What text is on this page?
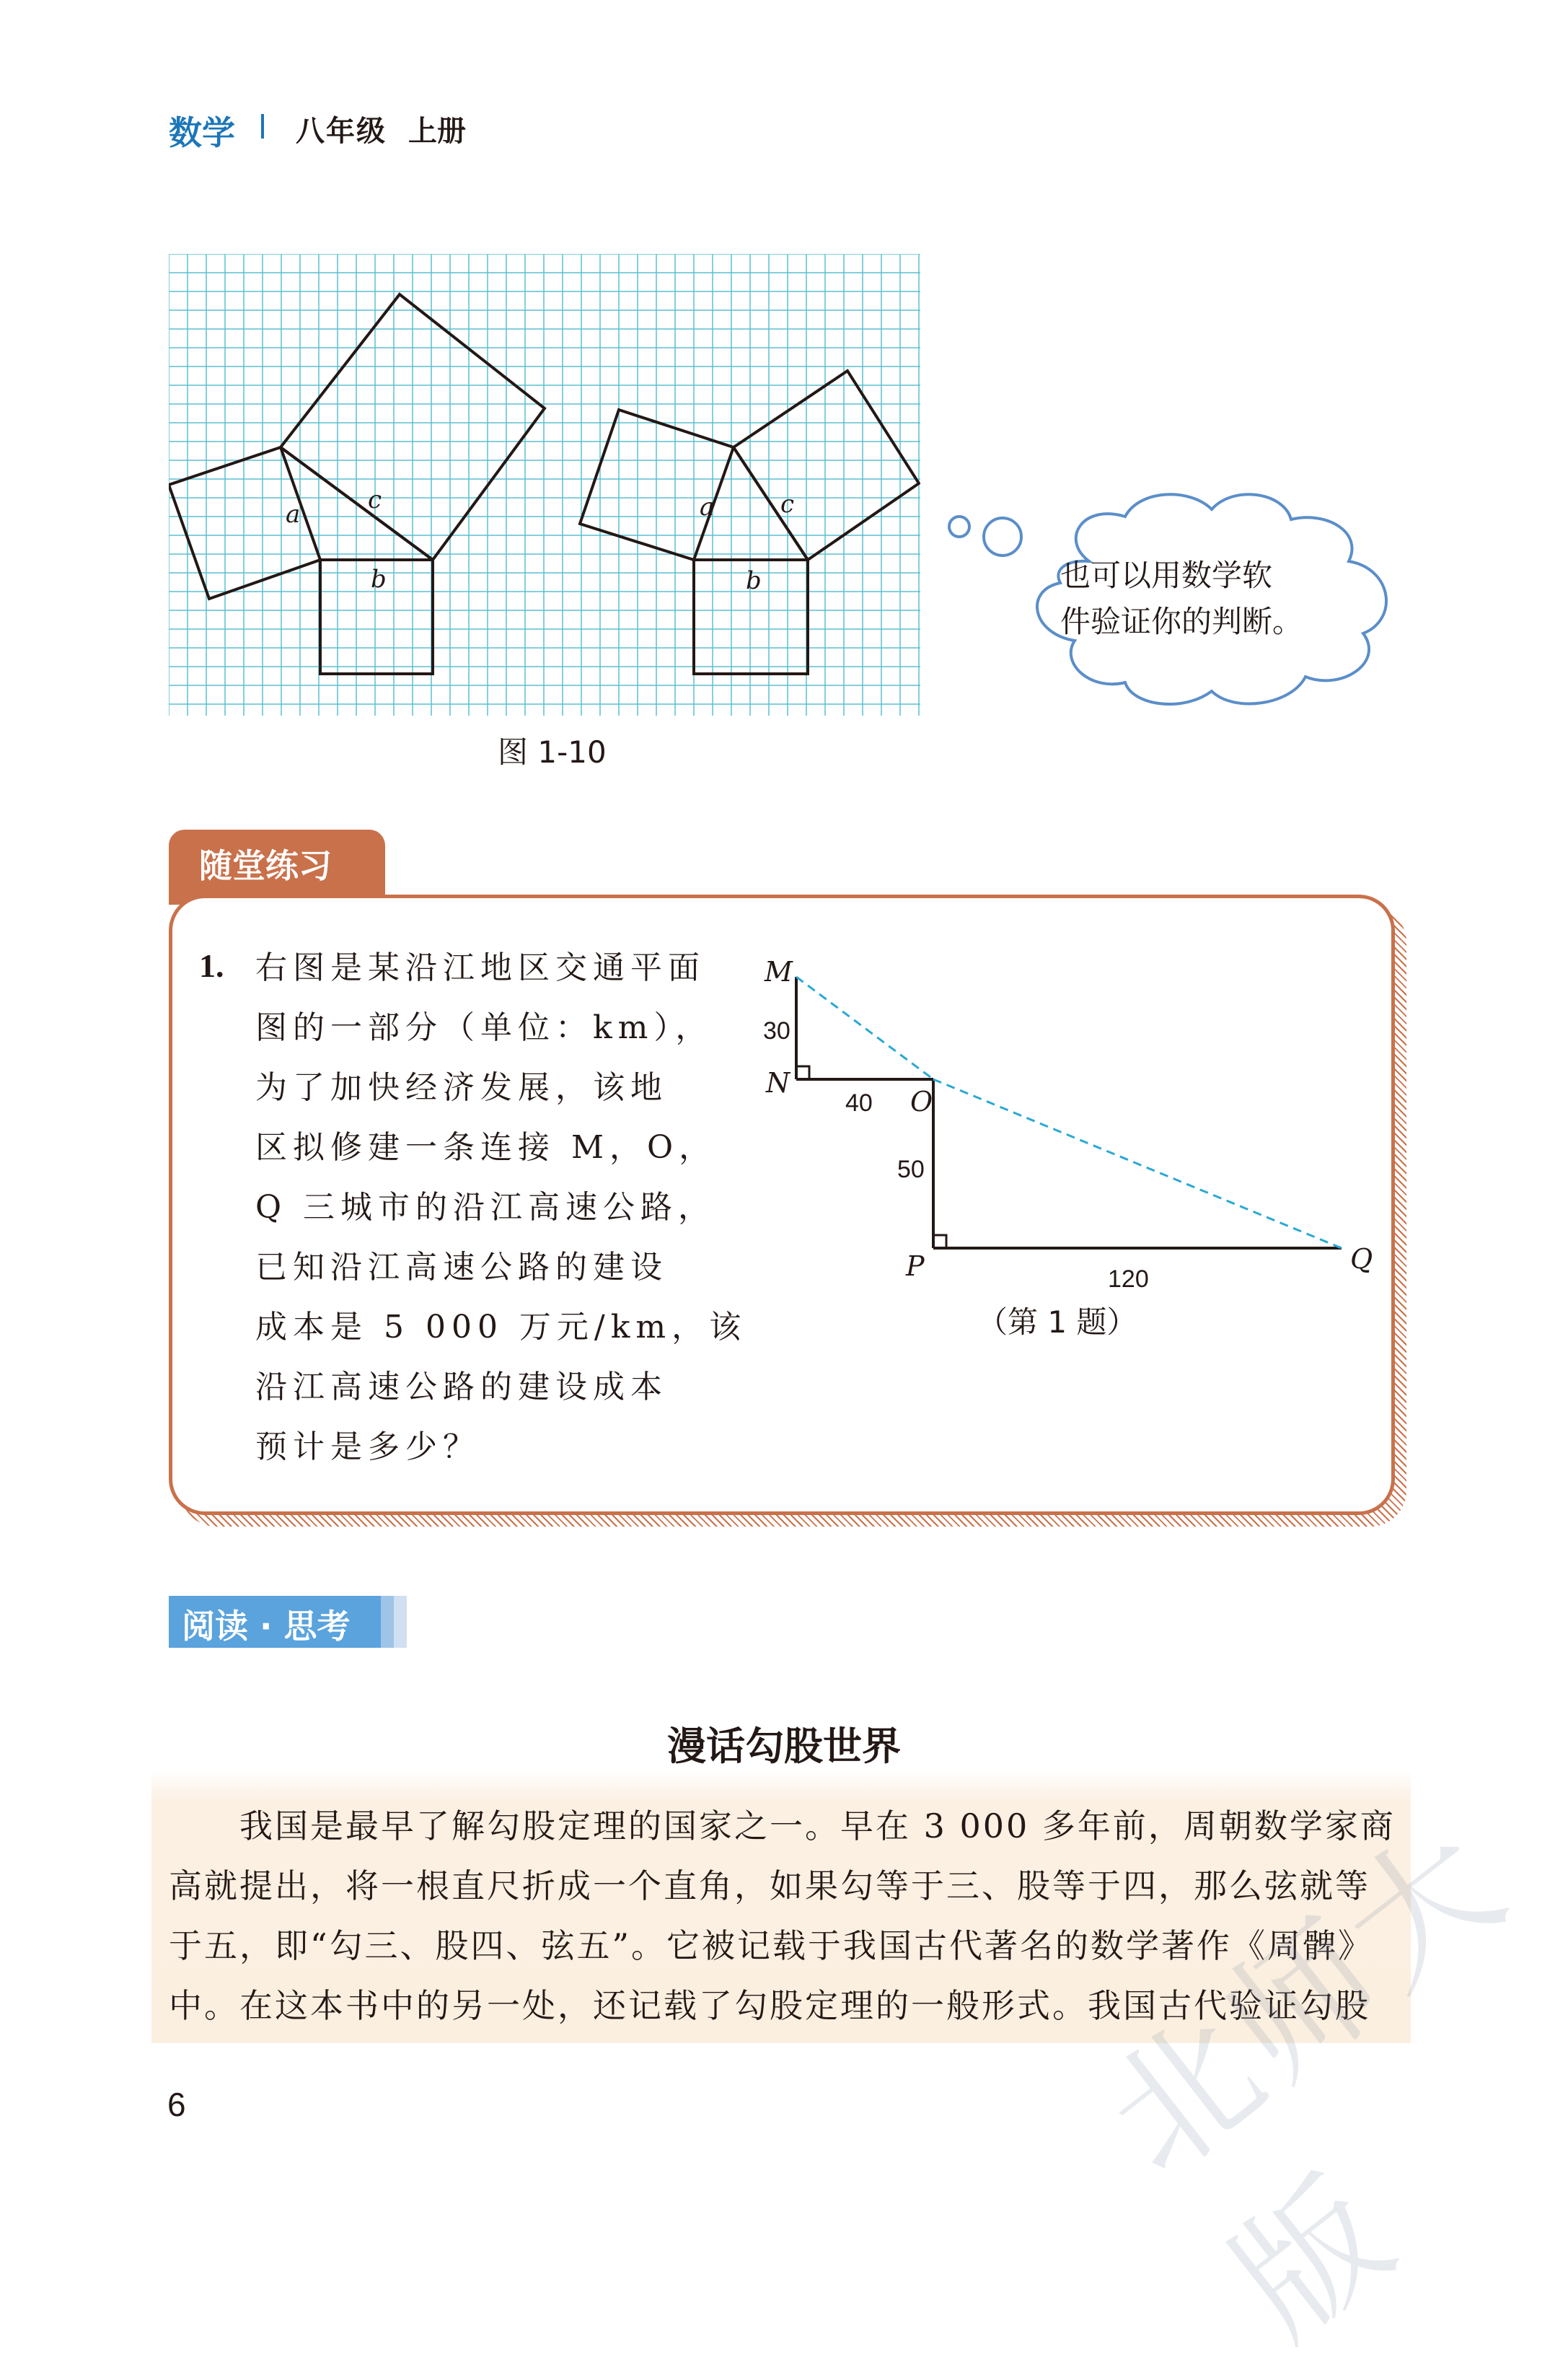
数学 八年级 上册
a	c
b
a	c
b
图 1-10
也可以用数学软
件验证你的判断。
随堂练习
1. 右图是某沿江地区交通平面

图的一部分（单位：km），

为了加快经济发展，该地

区拟修建一条连接 M，O，

Q 三城市的沿江高速公路，

已知沿江高速公路的建设

成本是 5 000 万元/km，该

沿江高速公路的建设成本

预计是多少？

M
N
O
P	Q
30
40
50
120
（第 1 题）
阅读 · 思考
漫话勾股世界

　　我国是最早了解勾股定理的国家之一。早在 3 000 多年前，周朝数学家商

高就提出，将一根直尺折成一个直角，如果勾等于三、股等于四，那么弦就等

于五，即“勾三、股四、弦五”。它被记载于我国古代著名的数学著作《周髀》

中。在这本书中的另一处，还记载了勾股定理的一般形式。我国古代验证勾股

6	北师大版
